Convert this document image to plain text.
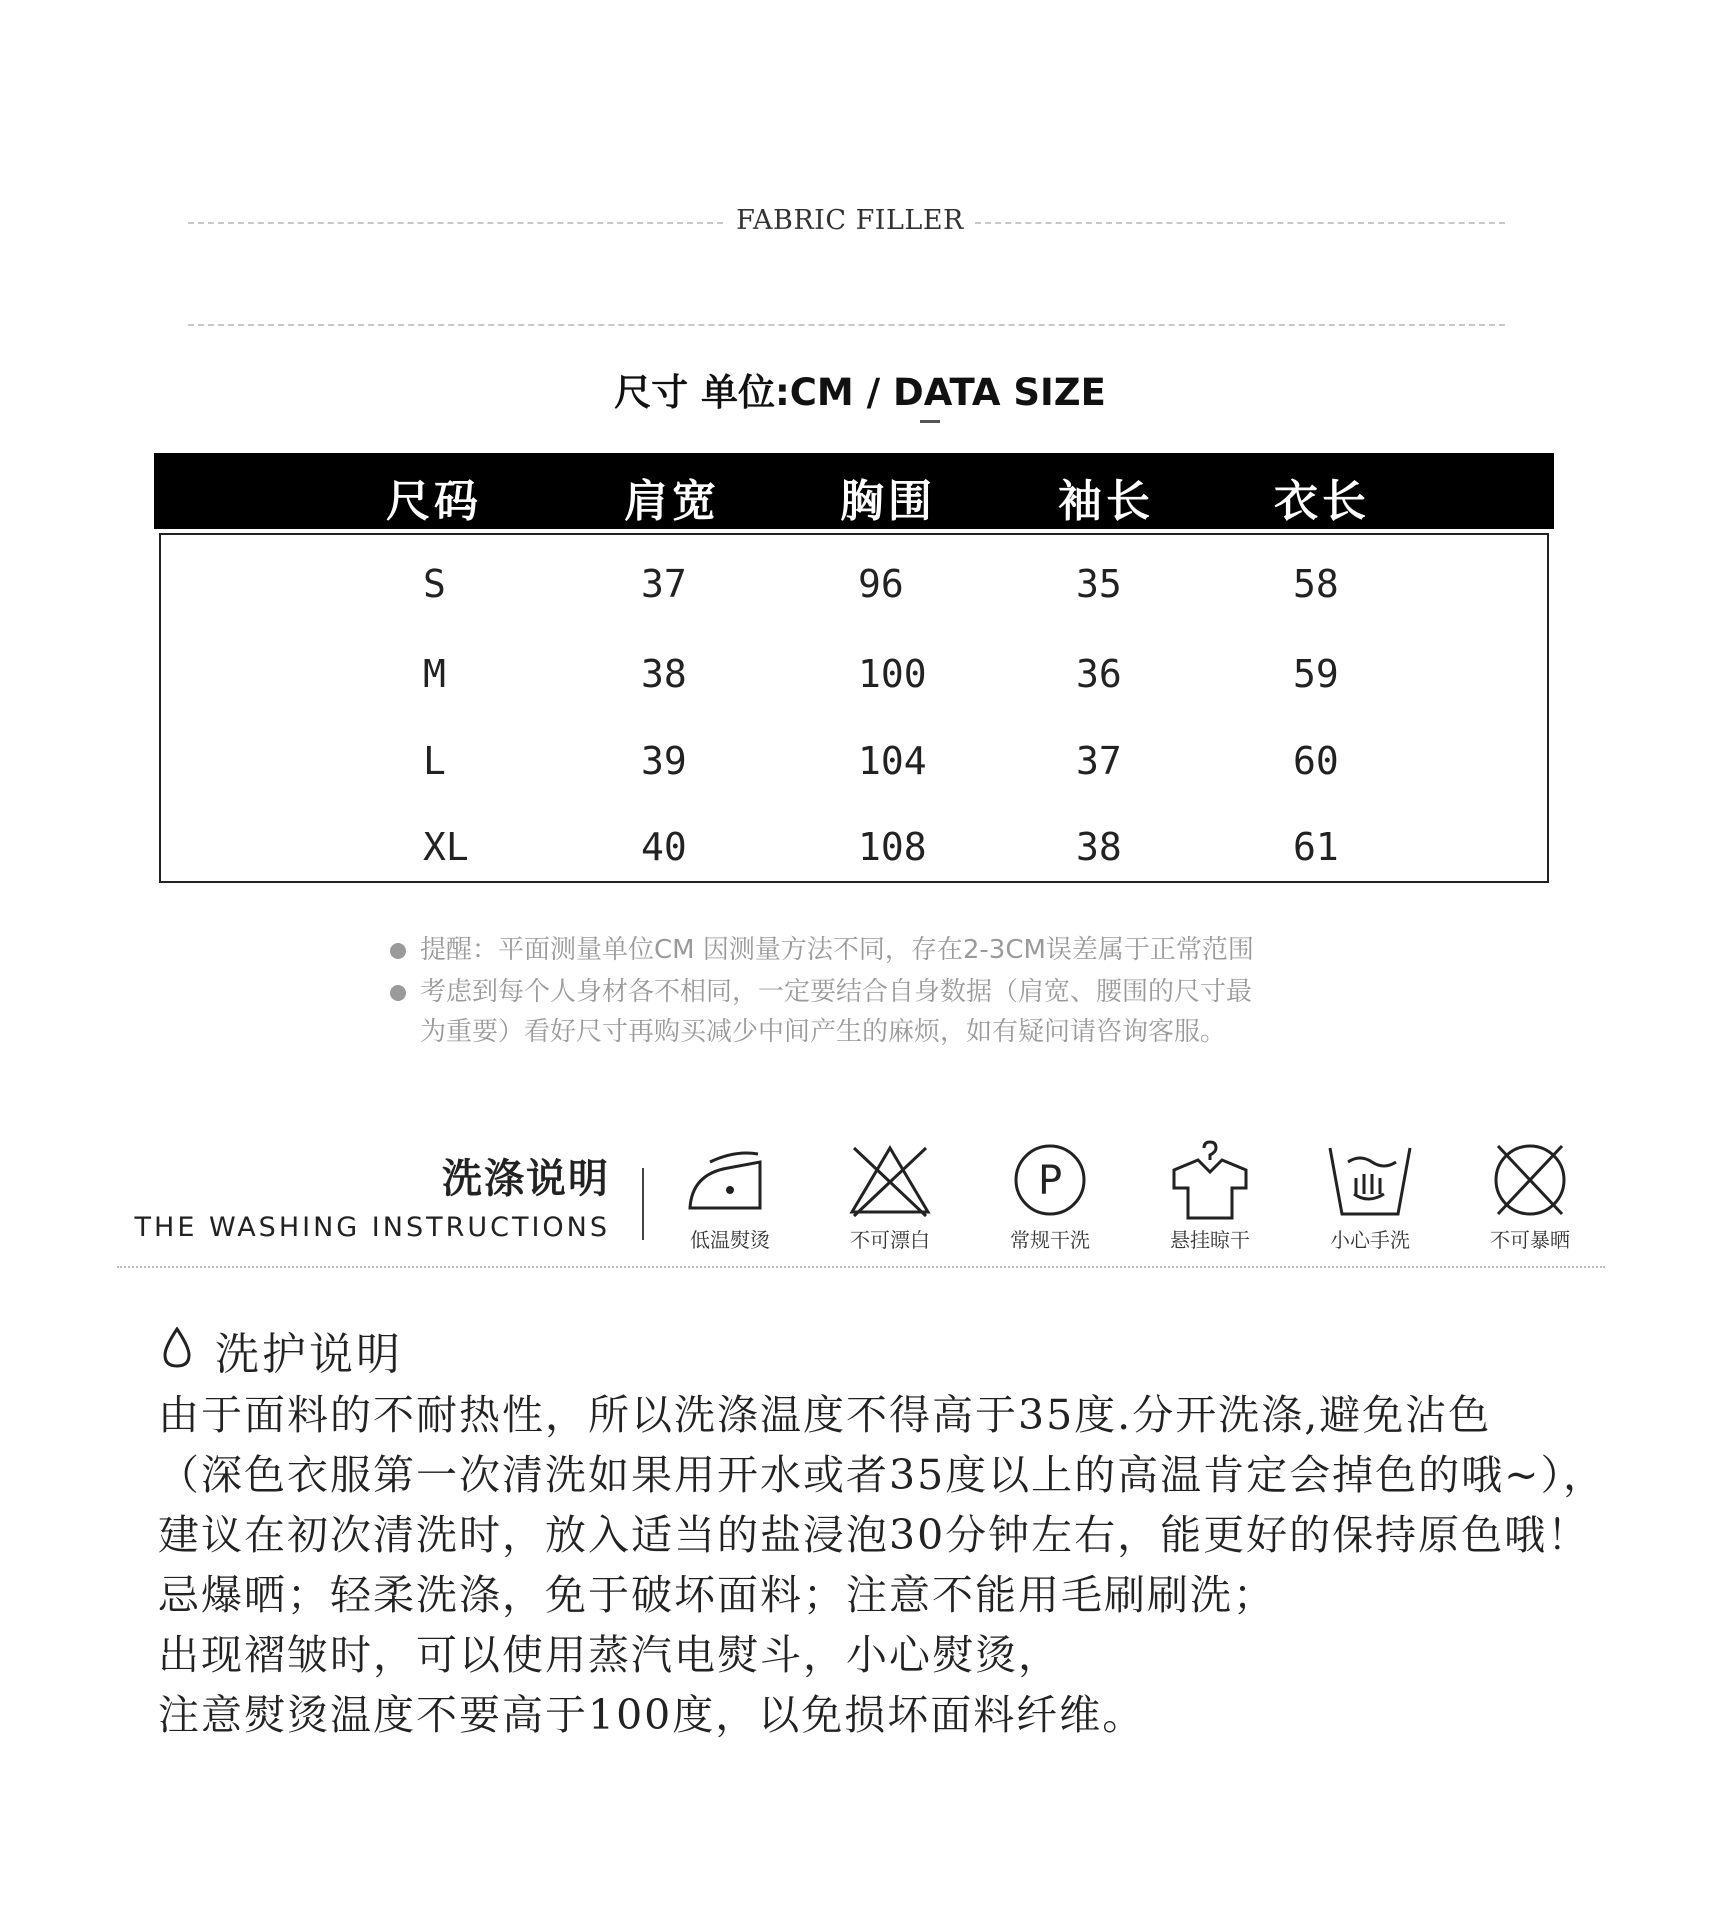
FABRIC FILLER
尺寸 单位:CM / DATA SIZE
尺码	肩宽	胸围	袖长	衣长
S	37	96	35	58
M	38	100	36	59
L	39	104	37	60
XL	40	108	38	61
提醒：平面测量单位CM 因测量方法不同，存在2-3CM误差属于正常范围
考虑到每个人身材各不相同，一定要结合自身数据（肩宽、腰围的尺寸最
为重要）看好尺寸再购买减少中间产生的麻烦，如有疑问请咨询客服。
洗涤说明
THE WASHING INSTRUCTIONS	低温熨烫	不可漂白
P
常规干洗	悬挂晾干	小心手洗	不可暴晒
洗护说明
由于面料的不耐热性，所以洗涤温度不得高于35度.分开洗涤,避免沾色
（深色衣服第一次清洗如果用开水或者35度以上的高温肯定会掉色的哦~），
建议在初次清洗时，放入适当的盐浸泡30分钟左右，能更好的保持原色哦！
忌爆晒；轻柔洗涤，免于破坏面料；注意不能用毛刷刷洗；
出现褶皱时，可以使用蒸汽电熨斗，小心熨烫，
注意熨烫温度不要高于100度，以免损坏面料纤维。
